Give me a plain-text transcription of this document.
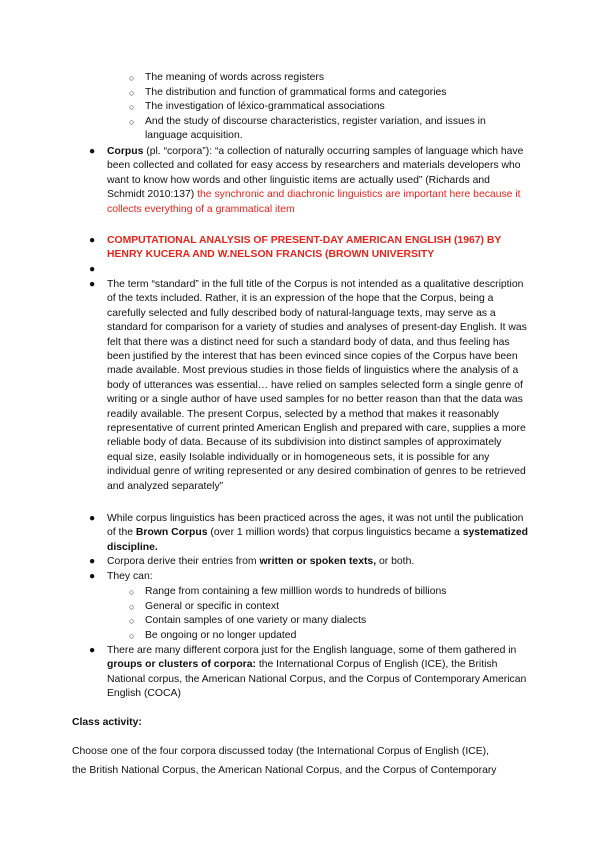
○ The meaning of words across registers
○ The distribution and function of grammatical forms and categories
○ The investigation of léxico-grammatical associations
○ And the study of discourse characteristics, register variation, and issues in language acquisition.
● Corpus (pl. “corpora”): “a collection of naturally occurring samples of language which have been collected and collated for easy access by researchers and materials developers who want to know how words and other linguistic items are actually used” (Richards and Schmidt 2010:137) the synchronic and diachronic linguistics are important here because it collects everything of a grammatical item
● COMPUTATIONAL ANALYSIS OF PRESENT-DAY AMERICAN ENGLISH (1967) BY HENRY KUCERA AND W.NELSON FRANCIS (BROWN UNIVERSITY
●
● The term “standard” in the full title of the Corpus is not intended as a qualitative description of the texts included. Rather, it is an expression of the hope that the Corpus, being a carefully selected and fully described body of natural-language texts, may serve as a standard for comparison for a variety of studies and analyses of present-day English. It was felt that there was a distinct need for such a standard body of data, and thus feeling has been justified by the interest that has been evinced since copies of the Corpus have been made available. Most previous studies in those fields of linguistics where the analysis of a body of utterances was essential… have relied on samples selected form a single genre of writing or a single author of have used samples for no better reason than that the data was readily available. The present Corpus, selected by a method that makes it reasonably representative of current printed American English and prepared with care, supplies a more reliable body of data. Because of its subdivision into distinct samples of approximately equal size, easily Isolable individually or in homogeneous sets, it is possible for any individual genre of writing represented or any desired combination of genres to be retrieved and analyzed separately”
● While corpus linguistics has been practiced across the ages, it was not until the publication of the Brown Corpus (over 1 million words) that corpus linguistics became a systematized discipline.
● Corpora derive their entries from written or spoken texts, or both.
● They can:
○ Range from containing a few milllion words to hundreds of billions
○ General or specific in context
○ Contain samples of one variety or many dialects
○ Be ongoing or no longer updated
● There are many different corpora just for the English language, some of them gathered in groups or clusters of corpora: the International Corpus of English (ICE), the British National corpus, the American National Corpus, and the Corpus of Contemporary American English (COCA)
Class activity:
Choose one of the four corpora discussed today (the International Corpus of English (ICE),
the British National Corpus, the American National Corpus, and the Corpus of Contemporary
